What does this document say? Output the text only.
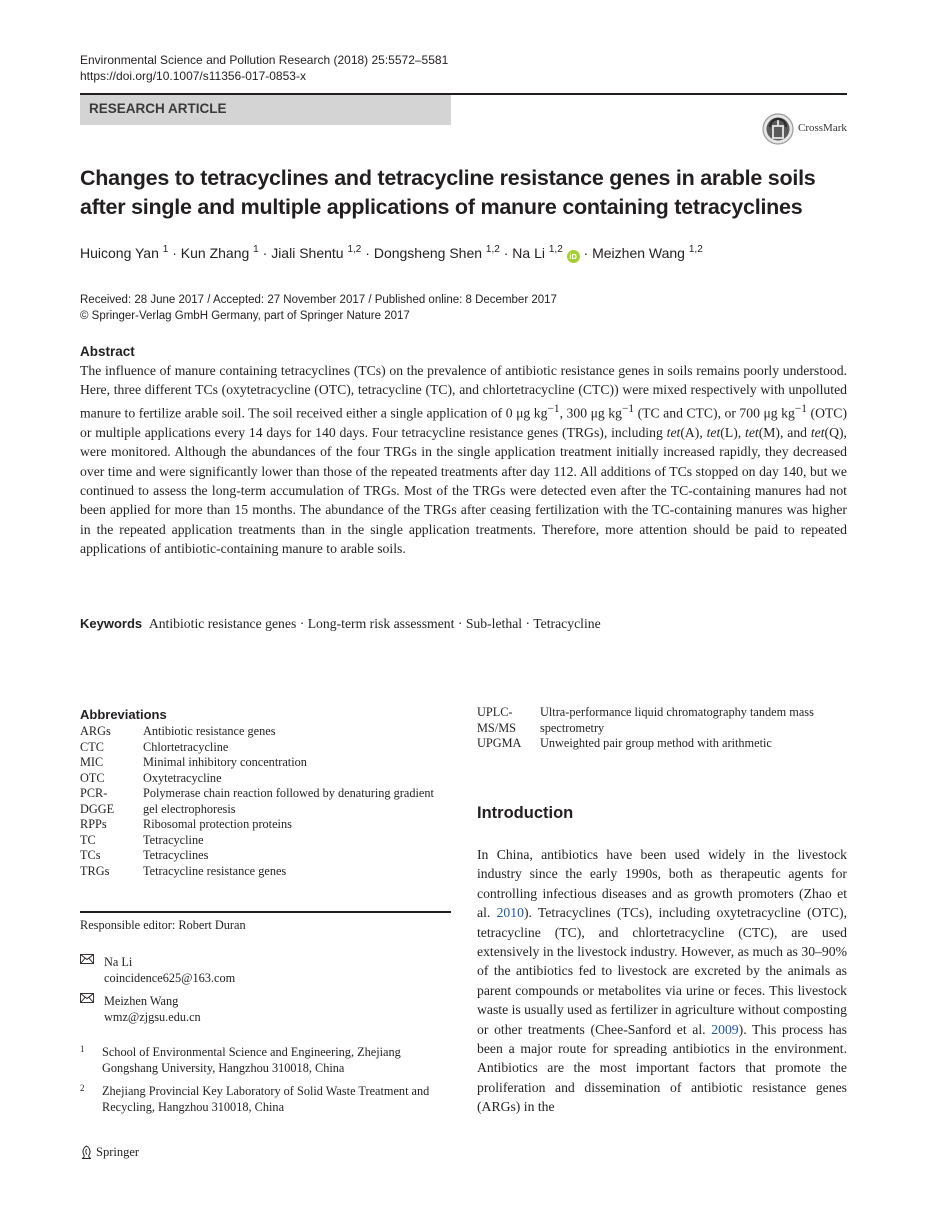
Environmental Science and Pollution Research (2018) 25:5572–5581
https://doi.org/10.1007/s11356-017-0853-x
RESEARCH ARTICLE
CrossMark
Changes to tetracyclines and tetracycline resistance genes in arable soils after single and multiple applications of manure containing tetracyclines
Huicong Yan $^1$ · Kun Zhang $^1$ · Jiali Shentu $^{1,2}$ · Dongsheng Shen $^{1,2}$ · Na Li $^{1,2}$ iD · Meizhen Wang $^{1,2}$
Received: 28 June 2017 / Accepted: 27 November 2017 / Published online: 8 December 2017
© Springer-Verlag GmbH Germany, part of Springer Nature 2017
Abstract
The influence of manure containing tetracyclines (TCs) on the prevalence of antibiotic resistance genes in soils remains poorly understood. Here, three different TCs (oxytetracycline (OTC), tetracycline (TC), and chlortetracycline (CTC)) were mixed respectively with unpolluted manure to fertilize arable soil. The soil received either a single application of 0 μg $kg^{-1}$, 300 μg $kg^{-1}$ (TC and CTC), or 700 μg $kg^{-1}$ (OTC) or multiple applications every 14 days for 140 days. Four tetracycline resistance genes (TRGs), including tet(A), tet(L), tet(M), and tet(Q), were monitored. Although the abundances of the four TRGs in the single application treatment initially increased rapidly, they decreased over time and were significantly lower than those of the repeated treatments after day 112. All additions of TCs stopped on day 140, but we continued to assess the long-term accumulation of TRGs. Most of the TRGs were detected even after the TC-containing manures had not been applied for more than 15 months. The abundance of the TRGs after ceasing fertilization with the TC-containing manures was higher in the repeated application treatments than in the single application treatments. Therefore, more attention should be paid to repeated applications of antibiotic-containing manure to arable soils.
Keywords Antibiotic resistance genes · Long-term risk assessment · Sub-lethal · Tetracycline
Abbreviations
ARGs	Antibiotic resistance genes
CTC	Chlortetracycline
MIC	Minimal inhibitory concentration
OTC	Oxytetracycline
PCR-	Polymerase chain reaction followed by denaturing gradient
DGGE	gel electrophoresis
RPPs	Ribosomal protection proteins
TC	Tetracycline
TCs	Tetracyclines
TRGs	Tetracycline resistance genes
UPLC-	Ultra-performance liquid chromatography tandem mass
MS/MS	spectrometry
UPGMA	Unweighted pair group method with arithmetic
Responsible editor: Robert Duran
Na Li
coincidence625@163.com
Meizhen Wang
wmz@zjgsu.edu.cn
1 School of Environmental Science and Engineering, Zhejiang Gongshang University, Hangzhou 310018, China
2 Zhejiang Provincial Key Laboratory of Solid Waste Treatment and Recycling, Hangzhou 310018, China
Introduction
In China, antibiotics have been used widely in the livestock industry since the early 1990s, both as therapeutic agents for controlling infectious diseases and as growth promoters (Zhao et al. 2010). Tetracyclines (TCs), including oxytetracycline (OTC), tetracycline (TC), and chlortetracycline (CTC), are used extensively in the livestock industry. However, as much as 30–90% of the antibiotics fed to livestock are excreted by the animals as parent compounds or metabolites via urine or feces. This livestock waste is usually used as fertilizer in agriculture without composting or other treatments (Chee-Sanford et al. 2009). This process has been a major route for spreading antibiotics in the environment. Antibiotics are the most important factors that promote the proliferation and dissemination of antibiotic resistance genes (ARGs) in the
Springer
